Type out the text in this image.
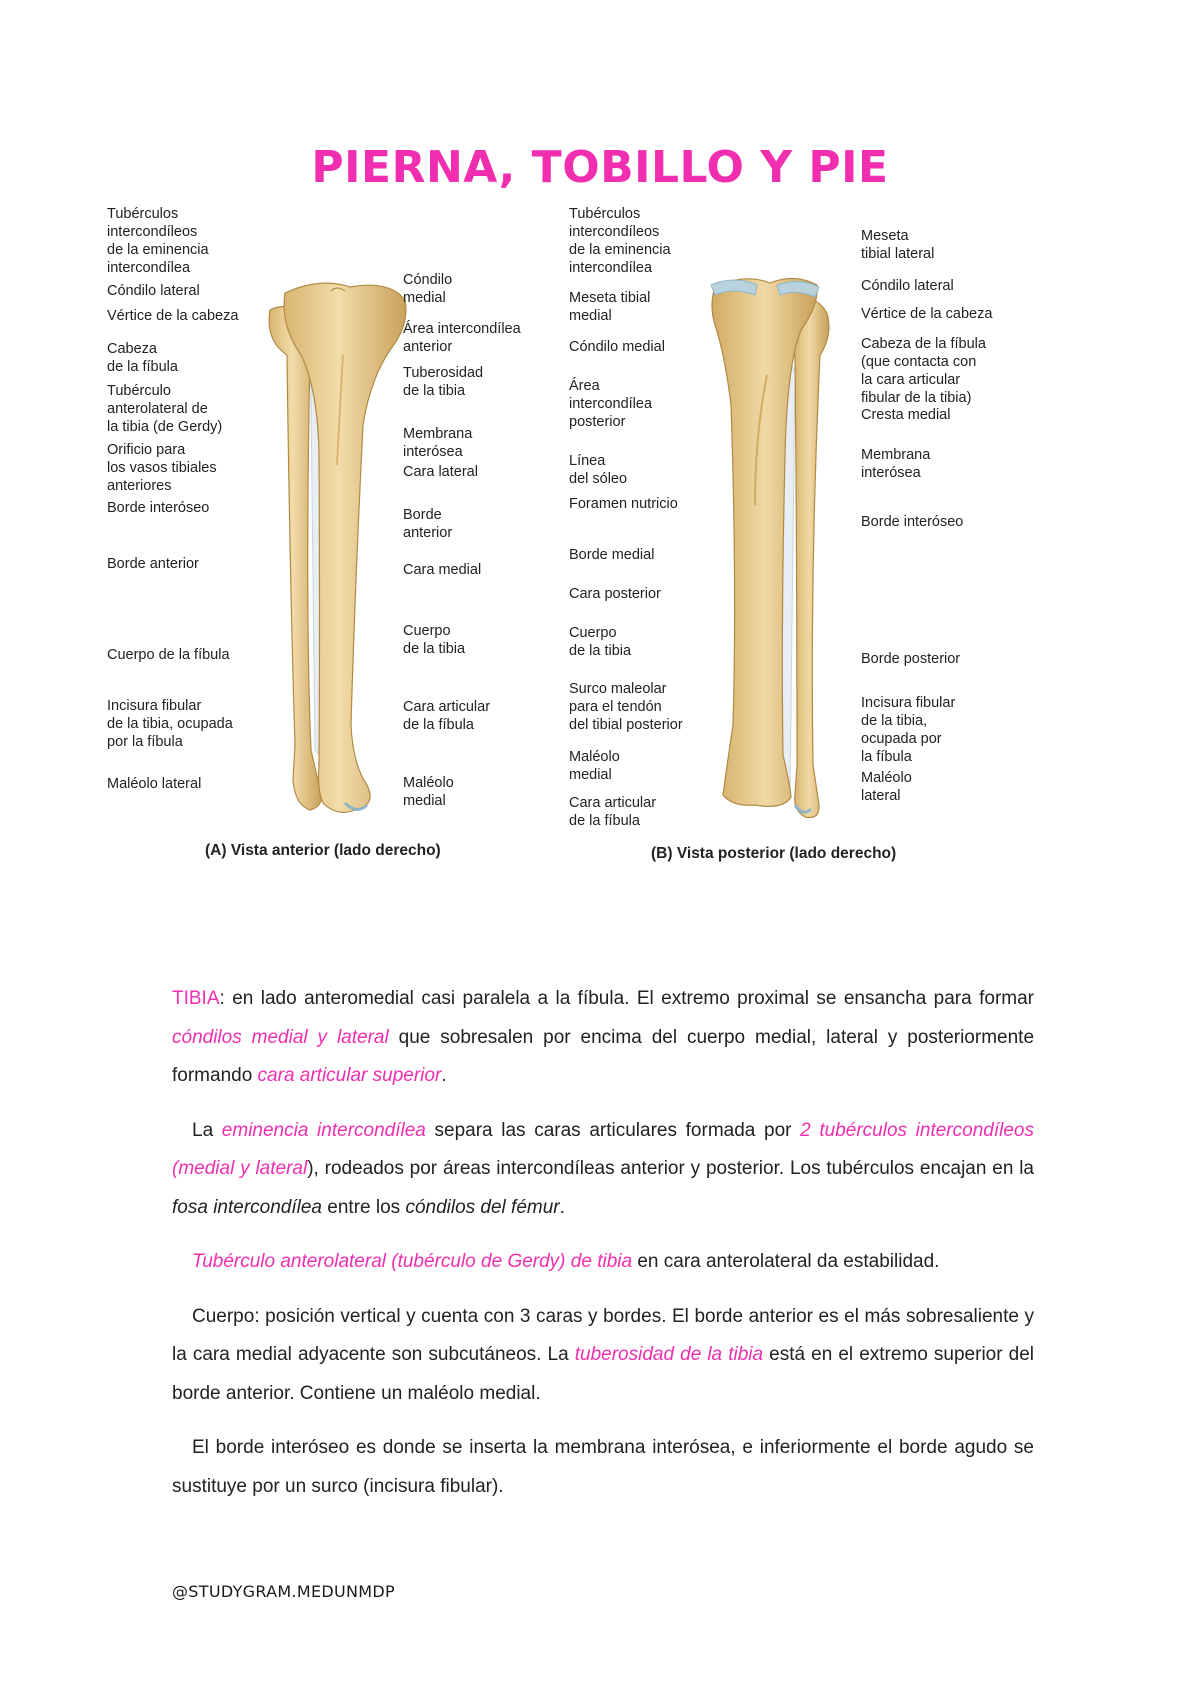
PIERNA, TOBILLO Y PIE
Tubérculos
intercondíleos
de la eminencia
intercondílea
Cóndilo lateral
Vértice de la cabeza
Cabeza
de la fíbula
Tubérculo
anterolateral de
la tibia (de Gerdy)
Orificio para
los vasos tibiales
anteriores
Borde interóseo
Borde anterior
Cuerpo de la fíbula
Incisura fibular
de la tibia, ocupada
por la fíbula
Maléolo lateral
Cóndilo
medial
Área intercondílea
anterior
Tuberosidad
de la tibia
Membrana
interósea
Cara lateral
Borde
anterior
Cara medial
Cuerpo
de la tibia
Cara articular
de la fíbula
Maléolo
medial
(A) Vista anterior (lado derecho)
Tubérculos
intercondíleos
de la eminencia
intercondílea
Meseta tibial
medial
Cóndilo medial
Área
intercondílea
posterior
Línea
del sóleo
Foramen nutricio
Borde medial
Cara posterior
Cuerpo
de la tibia
Surco maleolar
para el tendón
del tibial posterior
Maléolo
medial
Cara articular
de la fíbula
Meseta
tibial lateral
Cóndilo lateral
Vértice de la cabeza
Cabeza de la fíbula
(que contacta con
la cara articular
fibular de la tibia)
Cresta medial
Membrana
interósea
Borde interóseo
Borde posterior
Incisura fibular
de la tibia,
ocupada por
la fíbula
Maléolo
lateral
(B) Vista posterior (lado derecho)

TIBIA: en lado anteromedial casi paralela a la fíbula. El extremo proximal se ensancha para formar cóndilos medial y lateral que sobresalen por encima del cuerpo medial, lateral y posteriormente formando cara articular superior.

La eminencia intercondílea separa las caras articulares formada por 2 tubérculos intercondíleos (medial y lateral), rodeados por áreas intercondíleas anterior y posterior. Los tubérculos encajan en la fosa intercondílea entre los cóndilos del fémur.

Tubérculo anterolateral (tubérculo de Gerdy) de tibia en cara anterolateral da estabilidad.

Cuerpo: posición vertical y cuenta con 3 caras y bordes. El borde anterior es el más sobresaliente y la cara medial adyacente son subcutáneos. La tuberosidad de la tibia está en el extremo superior del borde anterior. Contiene un maléolo medial.

El borde interóseo es donde se inserta la membrana interósea, e inferiormente el borde agudo se sustituye por un surco (incisura fibular).

@STUDYGRAM.MEDUNMDP
